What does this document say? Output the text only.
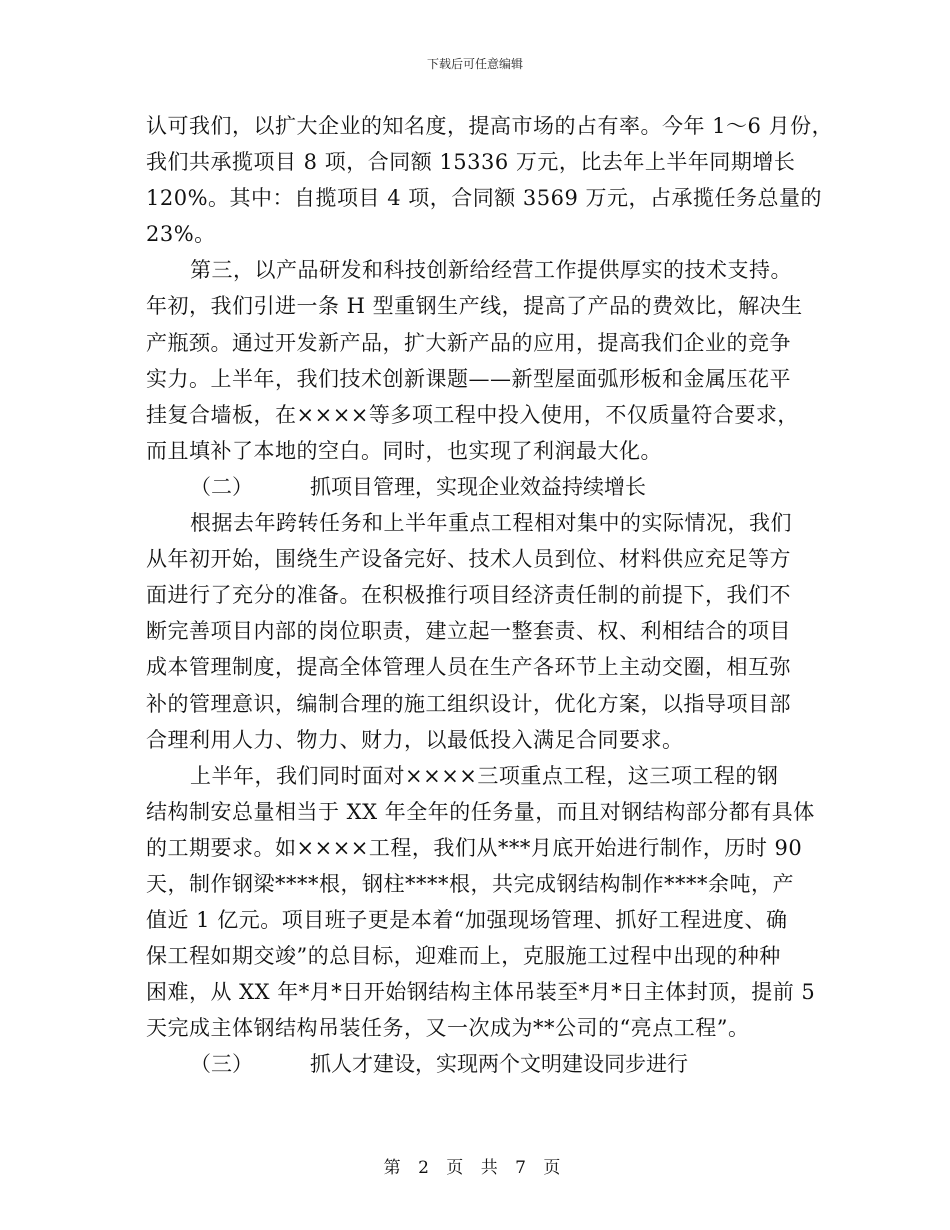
下载后可任意编辑
认可我们，以扩大企业的知名度，提高市场的占有率。今年 1～6 月份，
我们共承揽项目 8 项，合同额 15336 万元，比去年上半年同期增长
120%。其中：自揽项目 4 项，合同额 3569 万元，占承揽任务总量的
23%。
第三，以产品研发和科技创新给经营工作提供厚实的技术支持。
年初，我们引进一条 H 型重钢生产线，提高了产品的费效比，解决生
产瓶颈。通过开发新产品，扩大新产品的应用，提高我们企业的竞争
实力。上半年，我们技术创新课题——新型屋面弧形板和金属压花平
挂复合墙板，在××××等多项工程中投入使用，不仅质量符合要求，
而且填补了本地的空白。同时，也实现了利润最大化。
（二）	抓项目管理，实现企业效益持续增长
根据去年跨转任务和上半年重点工程相对集中的实际情况，我们
从年初开始，围绕生产设备完好、技术人员到位、材料供应充足等方
面进行了充分的准备。在积极推行项目经济责任制的前提下，我们不
断完善项目内部的岗位职责，建立起一整套责、权、利相结合的项目
成本管理制度，提高全体管理人员在生产各环节上主动交圈，相互弥
补的管理意识，编制合理的施工组织设计，优化方案，以指导项目部
合理利用人力、物力、财力，以最低投入满足合同要求。
上半年，我们同时面对××××三项重点工程，这三项工程的钢
结构制安总量相当于 XX 年全年的任务量，而且对钢结构部分都有具体
的工期要求。如××××工程，我们从***月底开始进行制作，历时 90
天，制作钢梁****根，钢柱****根，共完成钢结构制作****余吨，产
值近 1 亿元。项目班子更是本着“加强现场管理、抓好工程进度、确
保工程如期交竣”的总目标，迎难而上，克服施工过程中出现的种种
困难，从 XX 年*月*日开始钢结构主体吊装至*月*日主体封顶，提前 5
天完成主体钢结构吊装任务，又一次成为**公司的“亮点工程”。
（三）	抓人才建设，实现两个文明建设同步进行
第 2 页 共 7 页
